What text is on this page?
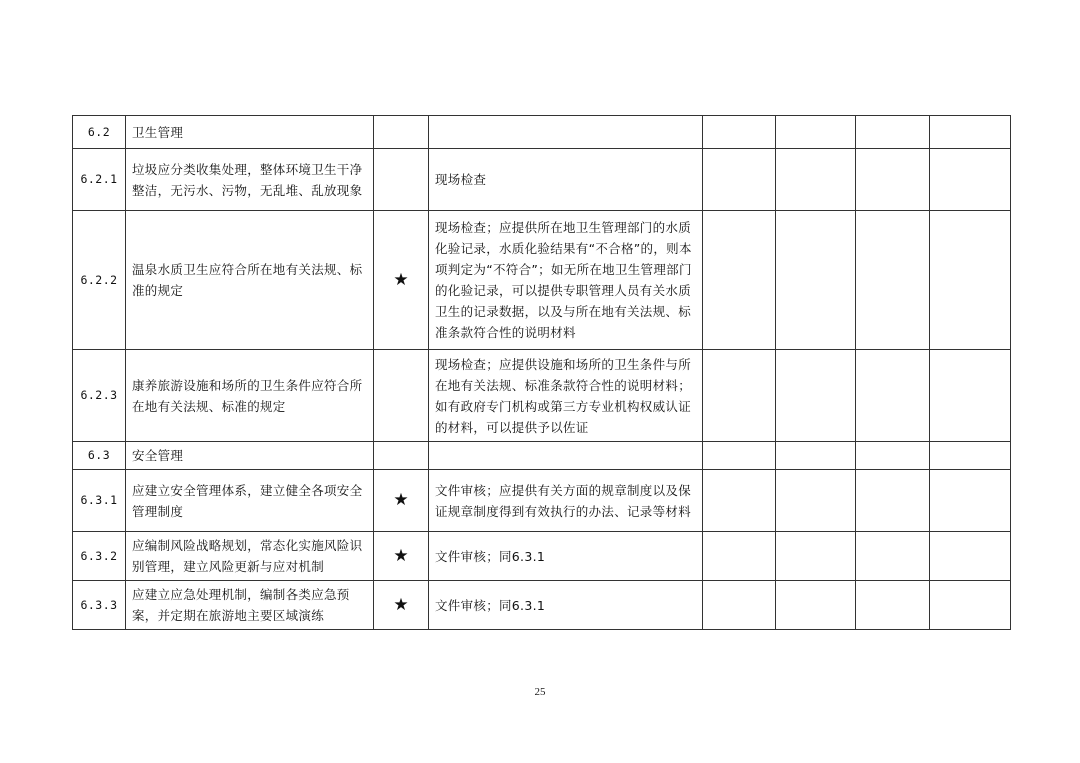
6.2	卫生管理						
6.2.1	垃圾应分类收集处理，整体环境卫生干净整洁，无污水、污物，无乱堆、乱放现象		现场检查				
6.2.2	温泉水质卫生应符合所在地有关法规、标准的规定	★	现场检查；应提供所在地卫生管理部门的水质化验记录，水质化验结果有“不合格”的，则本项判定为“不符合”；如无所在地卫生管理部门的化验记录，可以提供专职管理人员有关水质卫生的记录数据，以及与所在地有关法规、标准条款符合性的说明材料				
6.2.3	康养旅游设施和场所的卫生条件应符合所在地有关法规、标准的规定		现场检查；应提供设施和场所的卫生条件与所在地有关法规、标准条款符合性的说明材料；如有政府专门机构或第三方专业机构权威认证的材料，可以提供予以佐证				
6.3	安全管理						
6.3.1	应建立安全管理体系，建立健全各项安全管理制度	★	文件审核；应提供有关方面的规章制度以及保证规章制度得到有效执行的办法、记录等材料				
6.3.2	应编制风险战略规划，常态化实施风险识别管理，建立风险更新与应对机制	★	文件审核；同6.3.1				
6.3.3	应建立应急处理机制，编制各类应急预案，并定期在旅游地主要区域演练	★	文件审核；同6.3.1				
25
